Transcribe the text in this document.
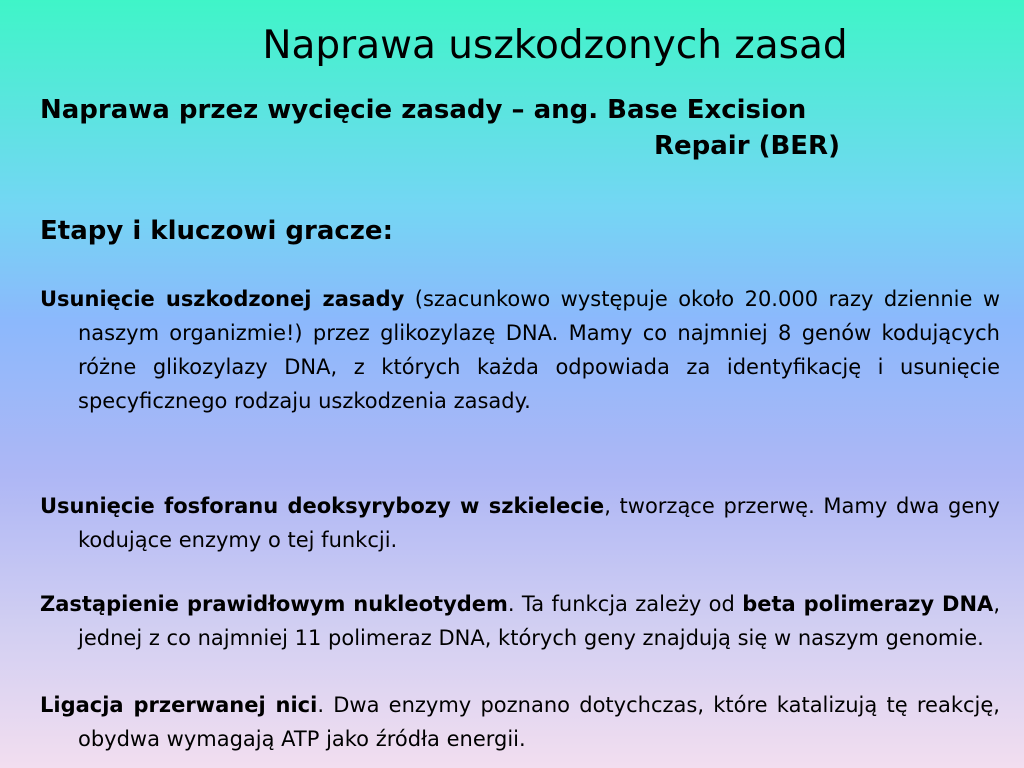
Naprawa uszkodzonych zasad
Naprawa przez wycięcie zasady – ang. Base Excision
Repair (BER)
Etapy i kluczowi gracze:

Usunięcie uszkodzonej zasady (szacunkowo występuje około 20.000 razy dziennie w naszym organizmie!) przez glikozylazę DNA. Mamy co najmniej 8 genów kodujących różne glikozylazy DNA, z których każda odpowiada za identyfikację i usunięcie specyficznego rodzaju uszkodzenia zasady.

Usunięcie fosforanu deoksyrybozy w szkielecie, tworzące przerwę. Mamy dwa geny kodujące enzymy o tej funkcji.

Zastąpienie prawidłowym nukleotydem. Ta funkcja zależy od beta polimerazy DNA, jednej z co najmniej 11 polimeraz DNA, których geny znajdują się w naszym genomie.

Ligacja przerwanej nici. Dwa enzymy poznano dotychczas, które katalizują tę reakcję, obydwa wymagają ATP jako źródła energii.
